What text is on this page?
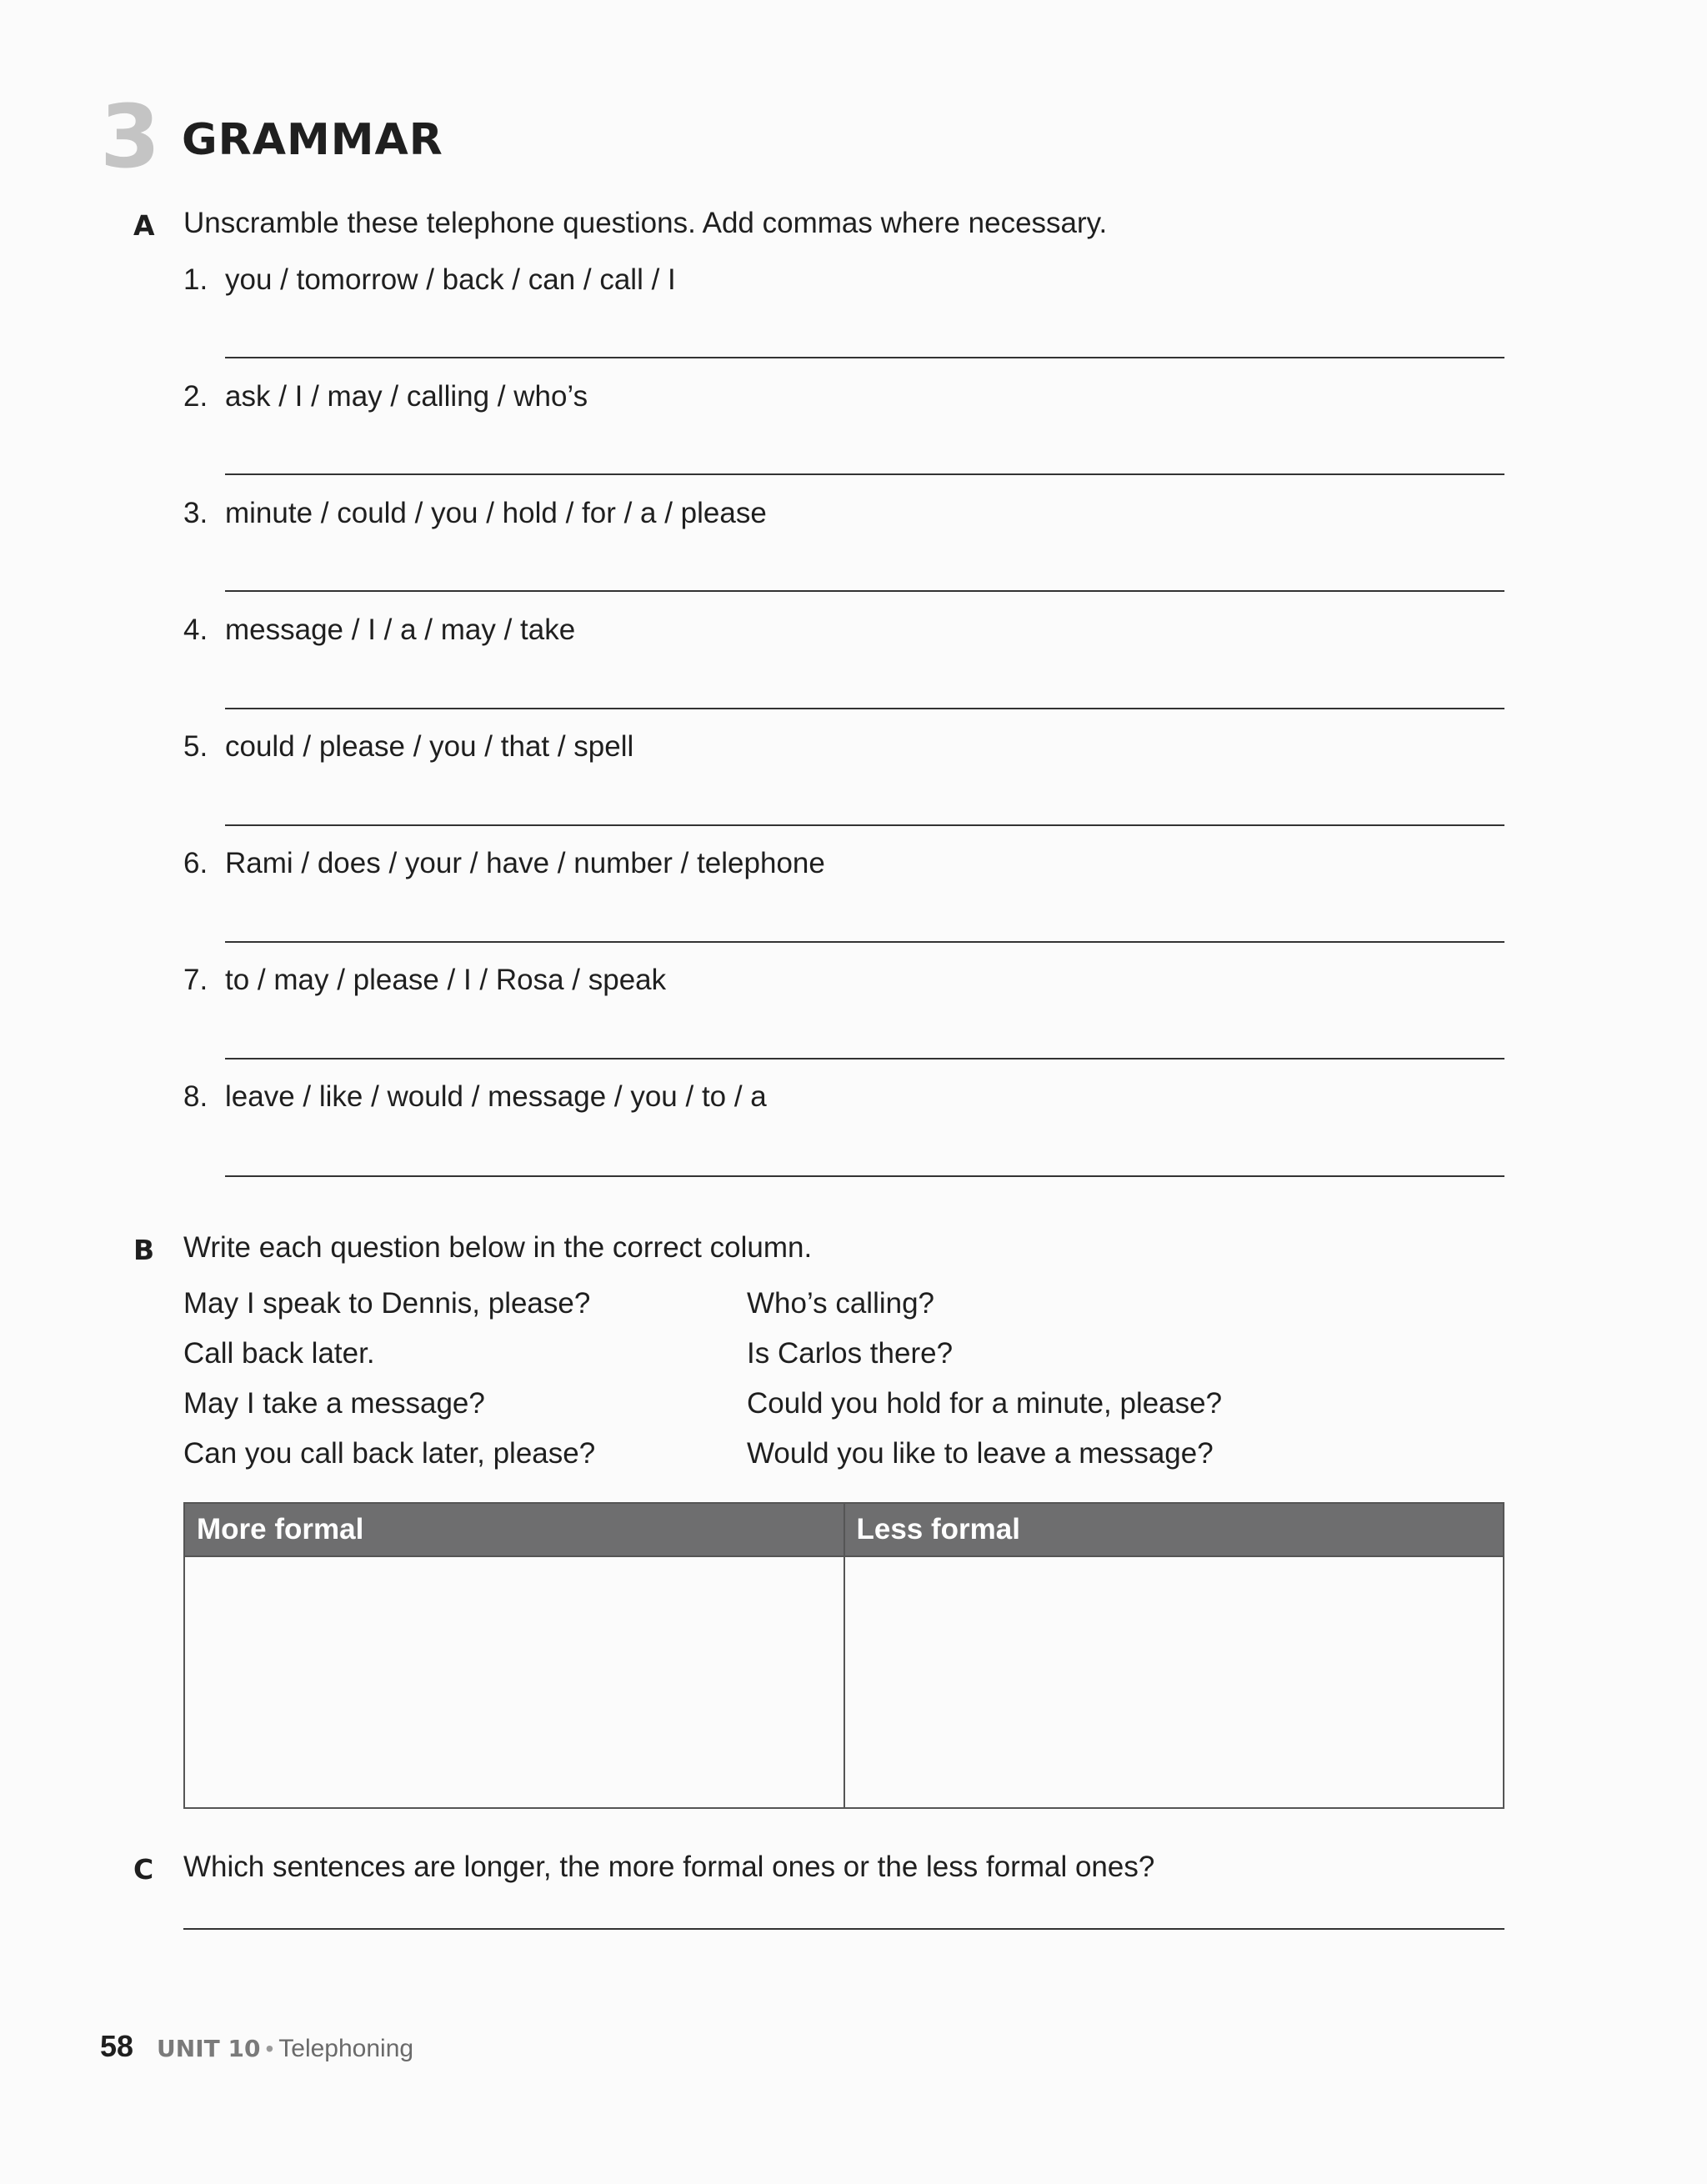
3 GRAMMAR
A Unscramble these telephone questions. Add commas where necessary.
1. you / tomorrow / back / can / call / I
2. ask / I / may / calling / who’s
3. minute / could / you / hold / for / a / please
4. message / I / a / may / take
5. could / please / you / that / spell
6. Rami / does / your / have / number / telephone
7. to / may / please / I / Rosa / speak
8. leave / like / would / message / you / to / a
B Write each question below in the correct column.
May I speak to Dennis, please?
Call back later.
May I take a message?
Can you call back later, please?
Who’s calling?
Is Carlos there?
Could you hold for a minute, please?
Would you like to leave a message?
More formal	Less formal
C Which sentences are longer, the more formal ones or the less formal ones?
58 UNIT 10 • Telephoning
